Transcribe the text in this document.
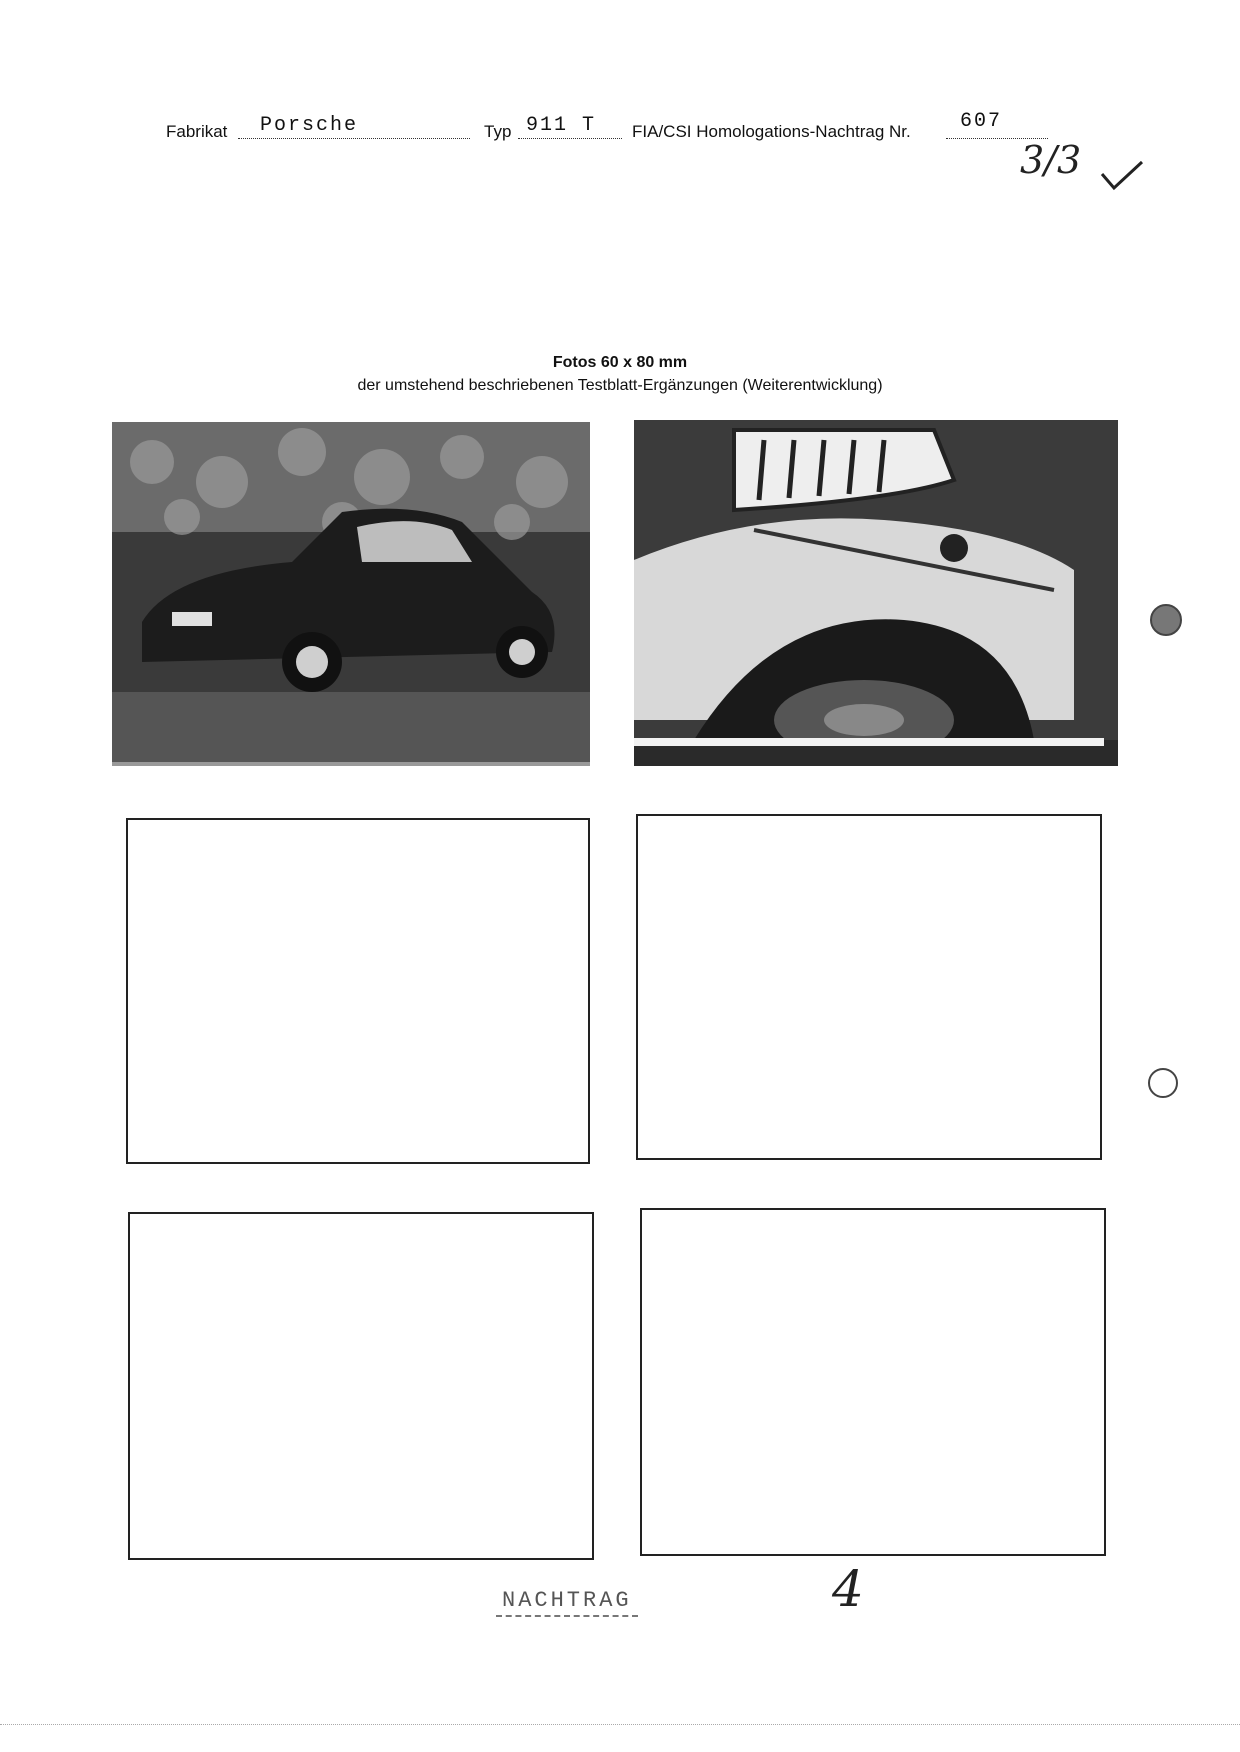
Fabrikat Porsche	Typ 911 T FIA/CSI Homologations-Nachtrag Nr. 607
3/3
Fotos 60 x 80 mm
der umstehend beschriebenen Testblatt-Ergänzungen (Weiterentwicklung)
NACHTRAG	4
